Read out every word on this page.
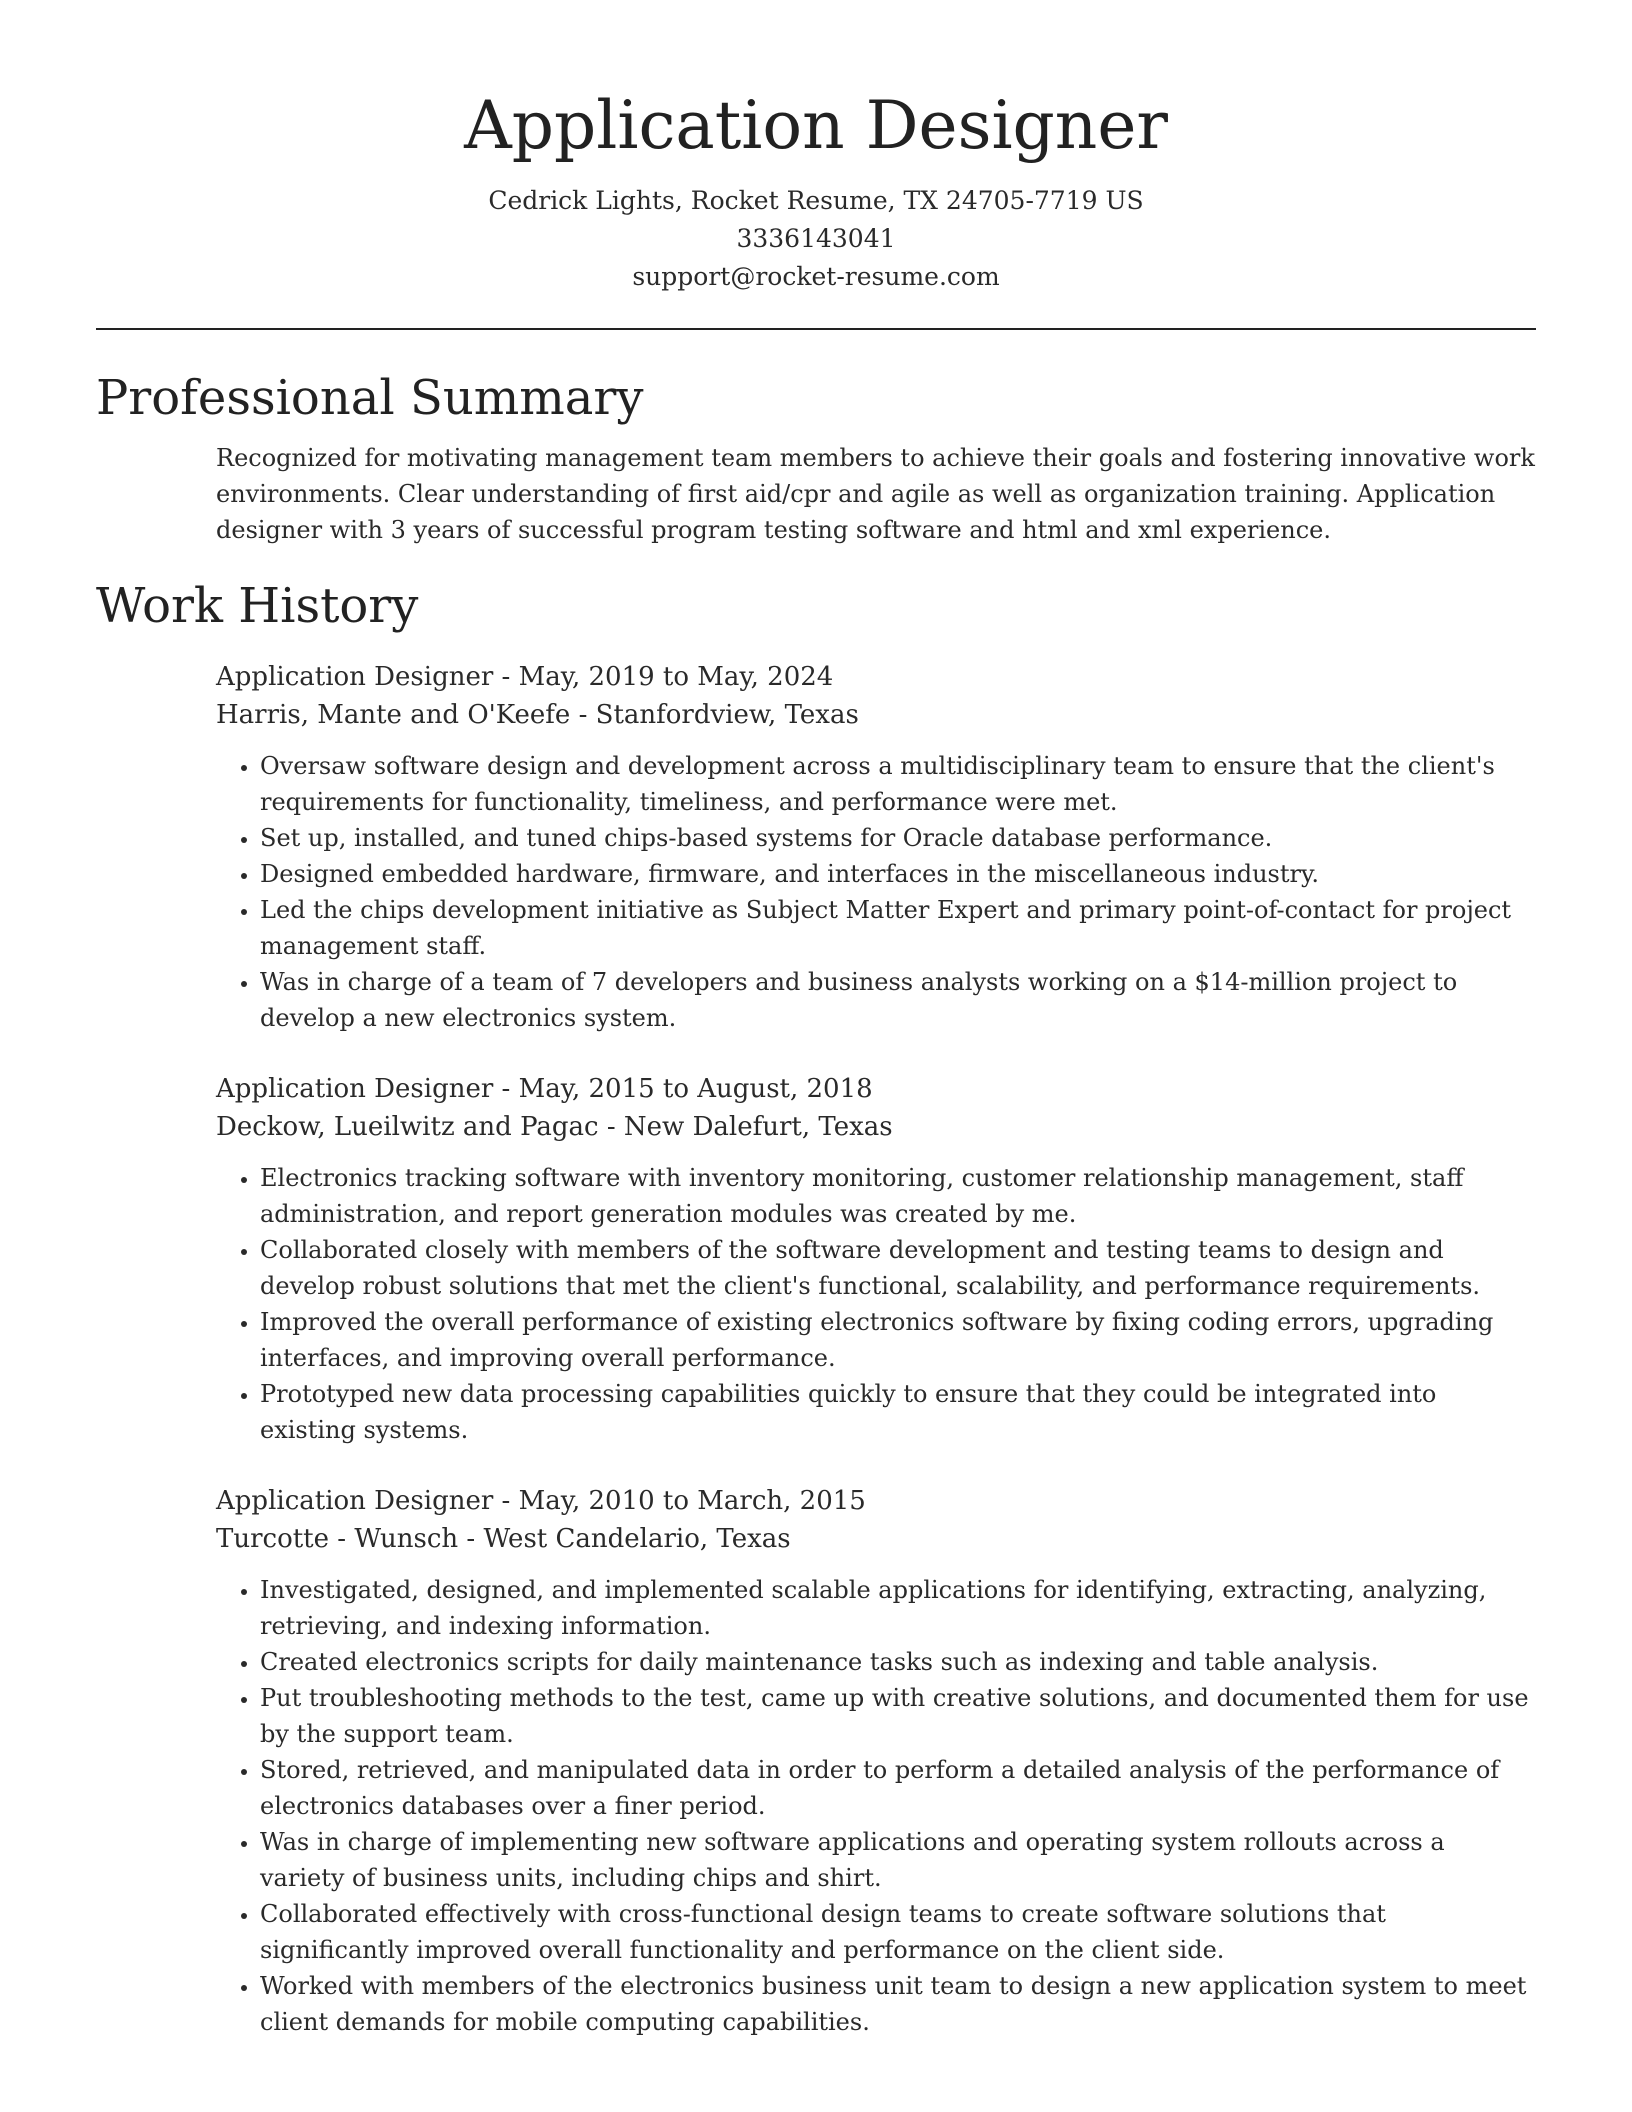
Application Designer
Cedrick Lights, Rocket Resume, TX 24705-7719 US
3336143041
support@rocket-resume.com
Professional Summary

Recognized for motivating management team members to achieve their goals and fostering innovative work environments. Clear understanding of first aid/cpr and agile as well as organization training. Application designer with 3 years of successful program testing software and html and xml experience.

Work History
Application Designer - May, 2019 to May, 2024
Harris, Mante and O'Keefe - Stanfordview, Texas
• Oversaw software design and development across a multidisciplinary team to ensure that the client's requirements for functionality, timeliness, and performance were met.
• Set up, installed, and tuned chips-based systems for Oracle database performance.
• Designed embedded hardware, firmware, and interfaces in the miscellaneous industry.
• Led the chips development initiative as Subject Matter Expert and primary point-of-contact for project management staff.
• Was in charge of a team of 7 developers and business analysts working on a $14-million project to develop a new electronics system.
Application Designer - May, 2015 to August, 2018
Deckow, Lueilwitz and Pagac - New Dalefurt, Texas
• Electronics tracking software with inventory monitoring, customer relationship management, staff administration, and report generation modules was created by me.
• Collaborated closely with members of the software development and testing teams to design and develop robust solutions that met the client's functional, scalability, and performance requirements.
• Improved the overall performance of existing electronics software by fixing coding errors, upgrading interfaces, and improving overall performance.
• Prototyped new data processing capabilities quickly to ensure that they could be integrated into existing systems.
Application Designer - May, 2010 to March, 2015
Turcotte - Wunsch - West Candelario, Texas
• Investigated, designed, and implemented scalable applications for identifying, extracting, analyzing, retrieving, and indexing information.
• Created electronics scripts for daily maintenance tasks such as indexing and table analysis.
• Put troubleshooting methods to the test, came up with creative solutions, and documented them for use by the support team.
• Stored, retrieved, and manipulated data in order to perform a detailed analysis of the performance of electronics databases over a finer period.
• Was in charge of implementing new software applications and operating system rollouts across a variety of business units, including chips and shirt.
• Collaborated effectively with cross-functional design teams to create software solutions that significantly improved overall functionality and performance on the client side.
• Worked with members of the electronics business unit team to design a new application system to meet client demands for mobile computing capabilities.
